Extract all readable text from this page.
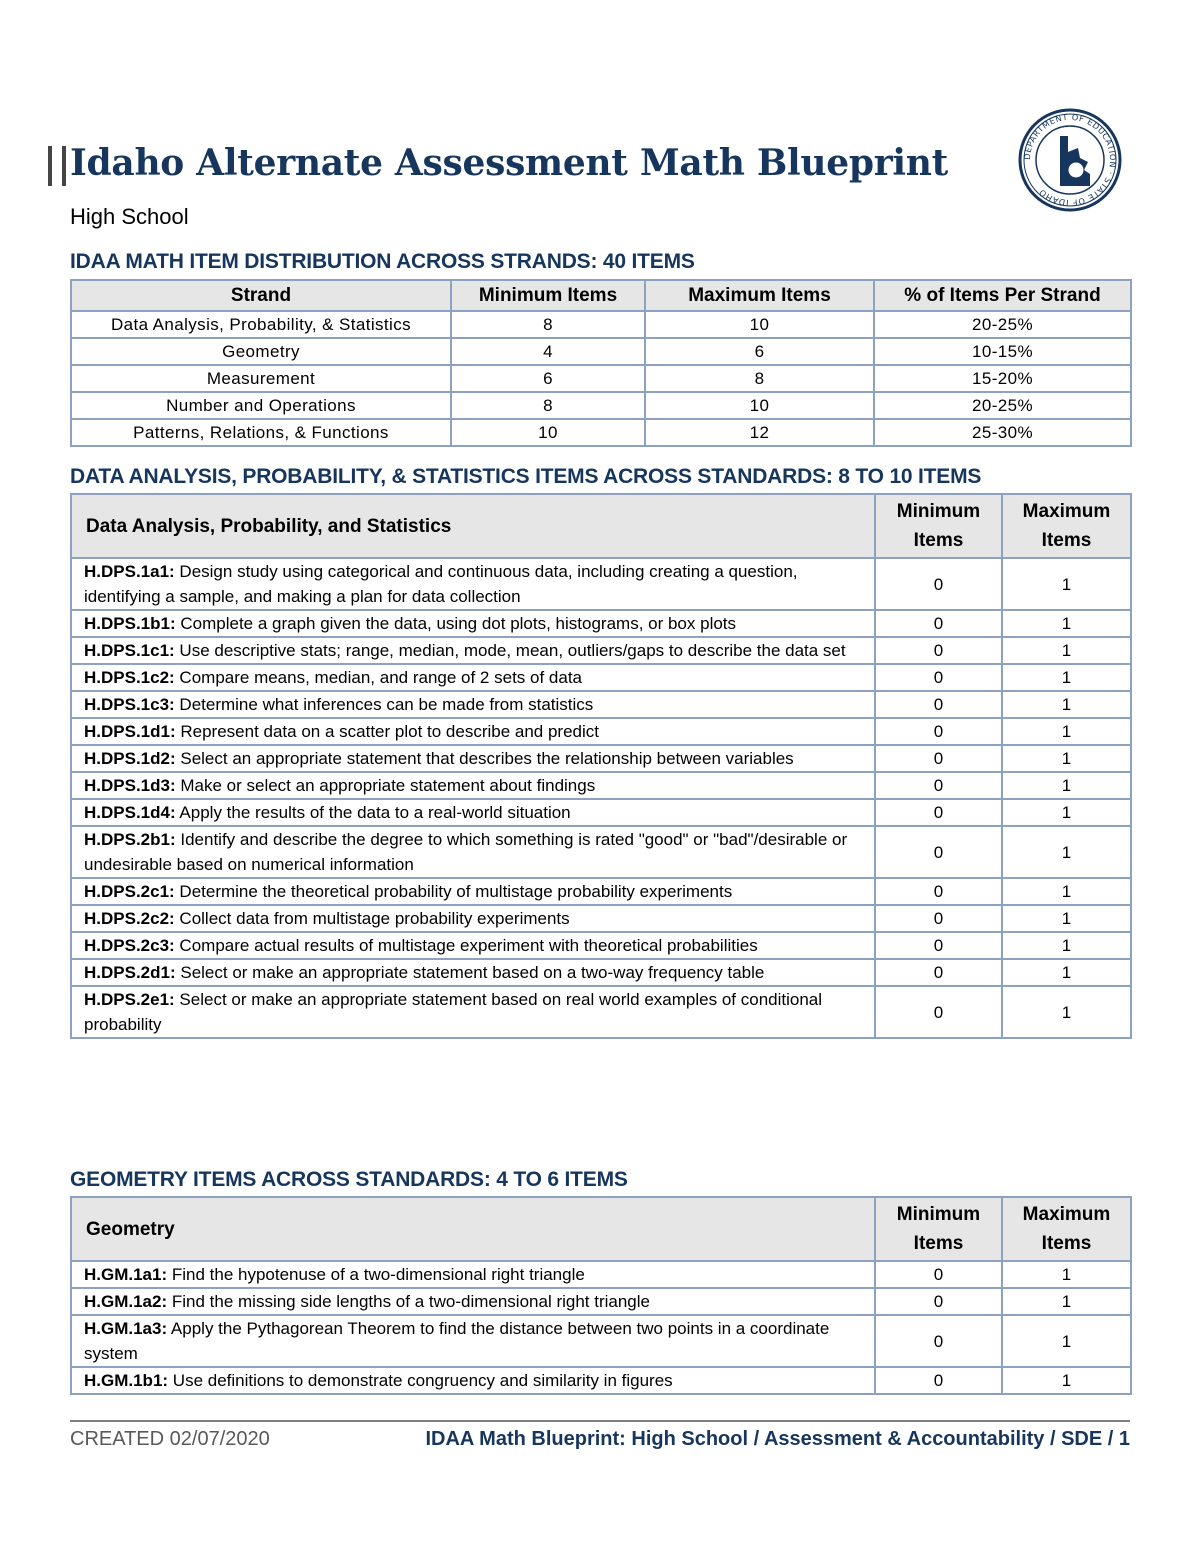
Idaho Alternate Assessment Math Blueprint	DEPARTMENT OF EDUCATION · STATE OF IDAHO
High School
IDAA MATH ITEM DISTRIBUTION ACROSS STRANDS: 40 ITEMS
Strand	Minimum Items	Maximum Items	% of Items Per Strand
Data Analysis, Probability, & Statistics	8	10	20-25%
Geometry	4	6	10-15%
Measurement	6	8	15-20%
Number and Operations	8	10	20-25%
Patterns, Relations, & Functions	10	12	25-30%
DATA ANALYSIS, PROBABILITY, & STATISTICS ITEMS ACROSS STANDARDS: 8 TO 10 ITEMS
Data Analysis, Probability, and Statistics	Minimum Items	Maximum Items
H.DPS.1a1: Design study using categorical and continuous data, including creating a question, identifying a sample, and making a plan for data collection	0	1
H.DPS.1b1: Complete a graph given the data, using dot plots, histograms, or box plots	0	1
H.DPS.1c1: Use descriptive stats; range, median, mode, mean, outliers/gaps to describe the data set	0	1
H.DPS.1c2: Compare means, median, and range of 2 sets of data	0	1
H.DPS.1c3: Determine what inferences can be made from statistics	0	1
H.DPS.1d1: Represent data on a scatter plot to describe and predict	0	1
H.DPS.1d2: Select an appropriate statement that describes the relationship between variables	0	1
H.DPS.1d3: Make or select an appropriate statement about findings	0	1
H.DPS.1d4: Apply the results of the data to a real-world situation	0	1
H.DPS.2b1: Identify and describe the degree to which something is rated "good" or "bad"/desirable or undesirable based on numerical information	0	1
H.DPS.2c1: Determine the theoretical probability of multistage probability experiments	0	1
H.DPS.2c2: Collect data from multistage probability experiments	0	1
H.DPS.2c3: Compare actual results of multistage experiment with theoretical probabilities	0	1
H.DPS.2d1: Select or make an appropriate statement based on a two-way frequency table	0	1
H.DPS.2e1: Select or make an appropriate statement based on real world examples of conditional probability	0	1
GEOMETRY ITEMS ACROSS STANDARDS: 4 TO 6 ITEMS
Geometry	Minimum Items	Maximum Items
H.GM.1a1: Find the hypotenuse of a two-dimensional right triangle	0	1
H.GM.1a2: Find the missing side lengths of a two-dimensional right triangle	0	1
H.GM.1a3: Apply the Pythagorean Theorem to find the distance between two points in a coordinate system	0	1
H.GM.1b1: Use definitions to demonstrate congruency and similarity in figures	0	1
CREATED 02/07/2020	IDAA Math Blueprint: High School / Assessment & Accountability / SDE / 1
